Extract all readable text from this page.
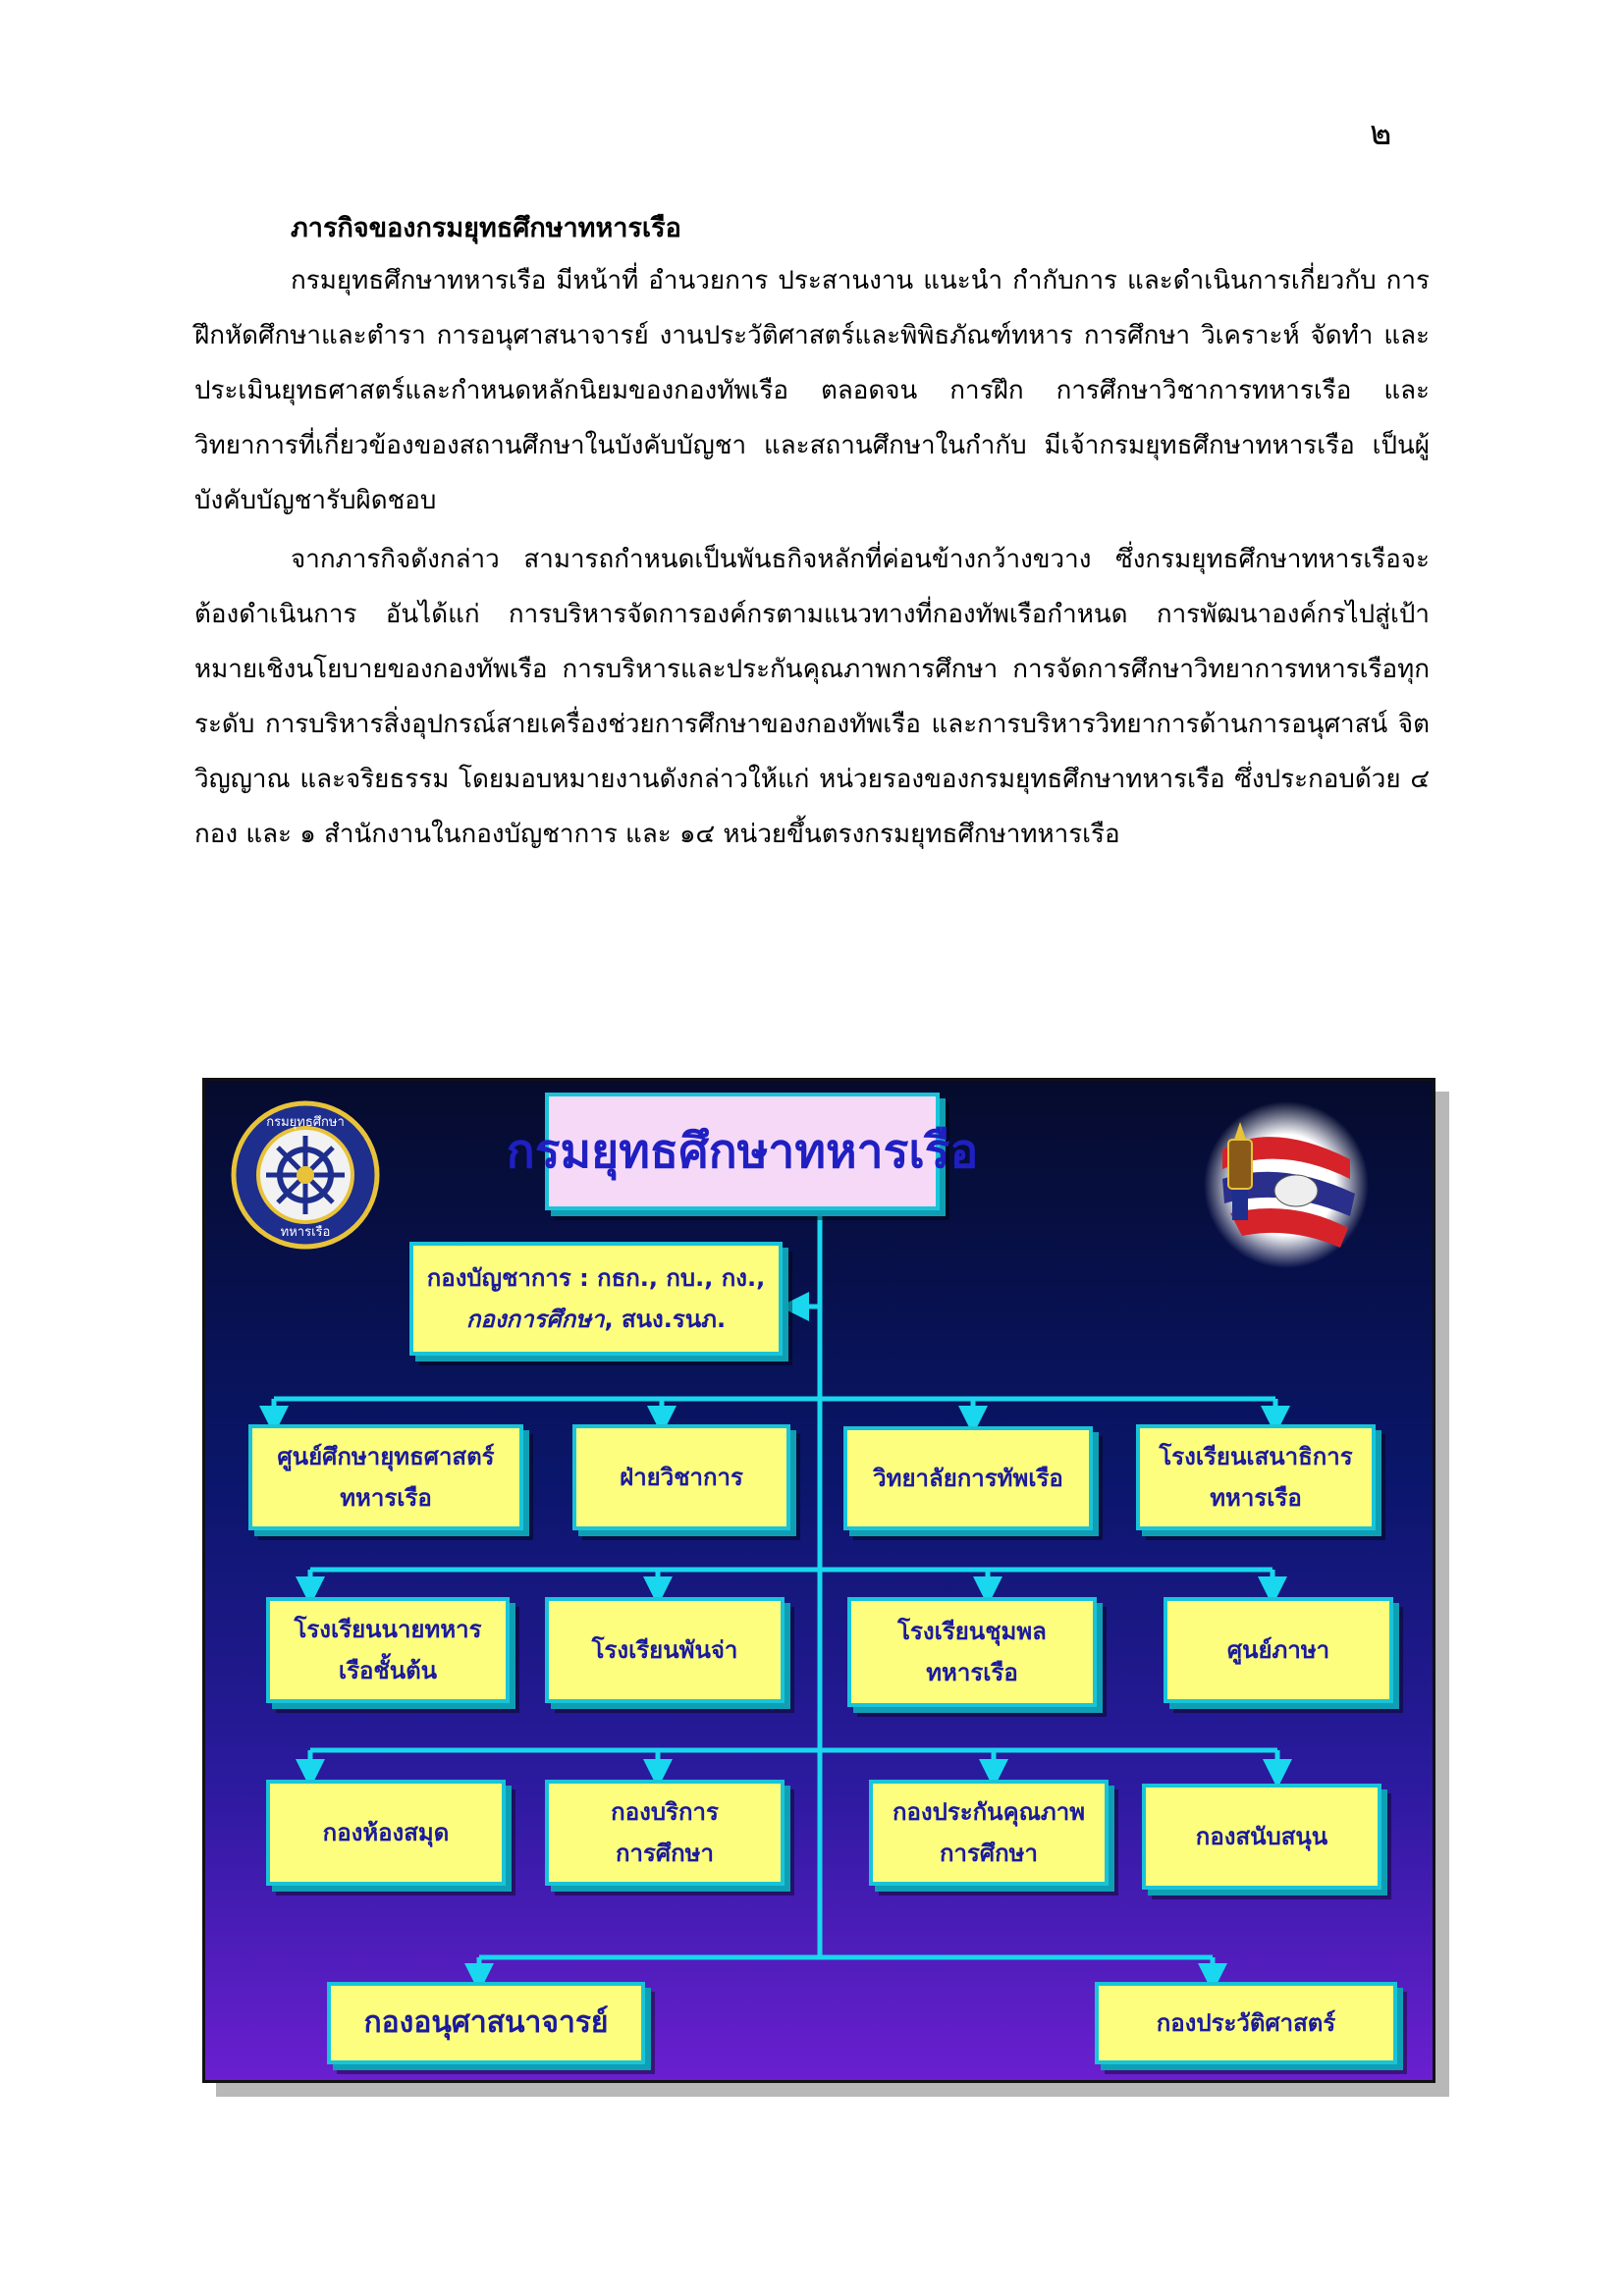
๒
ภารกิจของกรมยุทธศึกษาทหารเรือ
กรมยุทธศึกษาทหารเรือ มีหน้าที่ อำนวยการ ประสานงาน แนะนำ กำกับการ และดำเนินการเกี่ยวกับ การฝึกหัดศึกษาและตำรา การอนุศาสนาจารย์ งานประวัติศาสตร์และพิพิธภัณฑ์ทหาร การศึกษา วิเคราะห์ จัดทำ และประเมินยุทธศาสตร์และกำหนดหลักนิยมของกองทัพเรือ ตลอดจน การฝึก การศึกษาวิชาการทหารเรือ และวิทยาการที่เกี่ยวข้องของสถานศึกษาในบังคับบัญชา และสถานศึกษาในกำกับ มีเจ้ากรมยุทธศึกษาทหารเรือ เป็นผู้บังคับบัญชารับผิดชอบ
จากภารกิจดังกล่าว สามารถกำหนดเป็นพันธกิจหลักที่ค่อนข้างกว้างขวาง ซึ่งกรมยุทธศึกษาทหารเรือจะต้องดำเนินการ อันได้แก่ การบริหารจัดการองค์กรตามแนวทางที่กองทัพเรือกำหนด การพัฒนาองค์กรไปสู่เป้าหมายเชิงนโยบายของกองทัพเรือ การบริหารและประกันคุณภาพการศึกษา การจัดการศึกษาวิทยาการทหารเรือทุกระดับ การบริหารสิ่งอุปกรณ์สายเครื่องช่วยการศึกษาของกองทัพเรือ และการบริหารวิทยาการด้านการอนุศาสน์ จิตวิญญาณ และจริยธรรม โดยมอบหมายงานดังกล่าวให้แก่ หน่วยรองของกรมยุทธศึกษาทหารเรือ ซึ่งประกอบด้วย ๔ กอง และ ๑ สำนักงานในกองบัญชาการ และ ๑๔ หน่วยขึ้นตรงกรมยุทธศึกษาทหารเรือ
กรมยุทธศึกษา
ทหารเรือ
กรมยุทธศึกษาทหารเรือ
กองบัญชาการ : กธก., กบ., กง.,
กองการศึกษา, สนง.รนภ.
ศูนย์ศึกษายุทธศาสตร์
ทหารเรือ
ฝ่ายวิชาการ	วิทยาลัยการทัพเรือ
โรงเรียนเสนาธิการ
ทหารเรือ
โรงเรียนนายทหาร
เรือชั้นต้น
โรงเรียนพันจ่า
โรงเรียนชุมพล
ทหารเรือ
ศูนย์ภาษา
กองห้องสมุด
กองบริการ
การศึกษา
กองประกันคุณภาพ
การศึกษา
กองสนับสนุน
กองอนุศาสนาจารย์	กองประวัติศาสตร์
